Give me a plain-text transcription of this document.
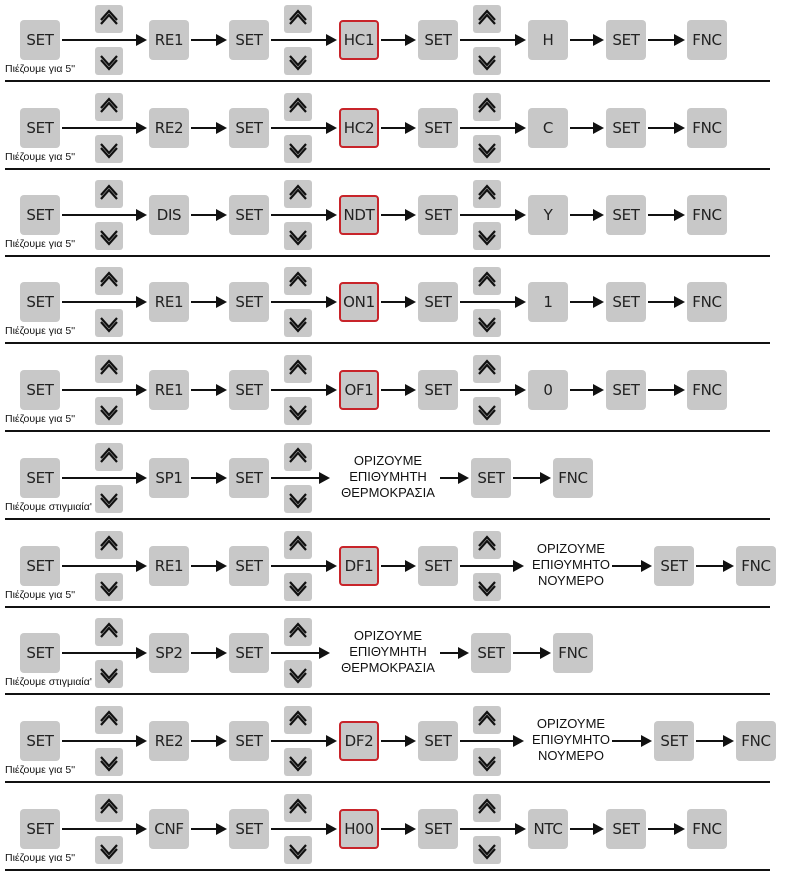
SET	RE1	SET	HC1	SET	H	SET	FNC
Πιέζουμε για 5''
SET	RE2	SET	HC2	SET	C	SET	FNC
Πιέζουμε για 5''
SET	DIS	SET	NDT	SET	Y	SET	FNC
Πιέζουμε για 5''
SET	RE1	SET	ON1	SET	1	SET	FNC
Πιέζουμε για 5''
SET	RE1	SET	OF1	SET	0	SET	FNC
Πιέζουμε για 5''
SET	SP1	SET
ΟΡΙΖΟΥΜΕ
ΕΠΙΘΥΜΗΤΗ
ΘΕΡΜΟΚΡΑΣΙΑ
SET	FNC
Πιέζουμε στιγμιαία'
SET	RE1	SET	DF1	SET
ΟΡΙΖΟΥΜΕ
ΕΠΙΘΥΜΗΤΟ
ΝΟΥΜΕΡΟ
SET	FNC
Πιέζουμε για 5''
SET	SP2	SET
ΟΡΙΖΟΥΜΕ
ΕΠΙΘΥΜΗΤΗ
ΘΕΡΜΟΚΡΑΣΙΑ
SET	FNC
Πιέζουμε στιγμιαία'
SET	RE2	SET	DF2	SET
ΟΡΙΖΟΥΜΕ
ΕΠΙΘΥΜΗΤΟ
ΝΟΥΜΕΡΟ
SET	FNC
Πιέζουμε για 5''
SET	CNF	SET	H00	SET	NTC	SET	FNC
Πιέζουμε για 5''
